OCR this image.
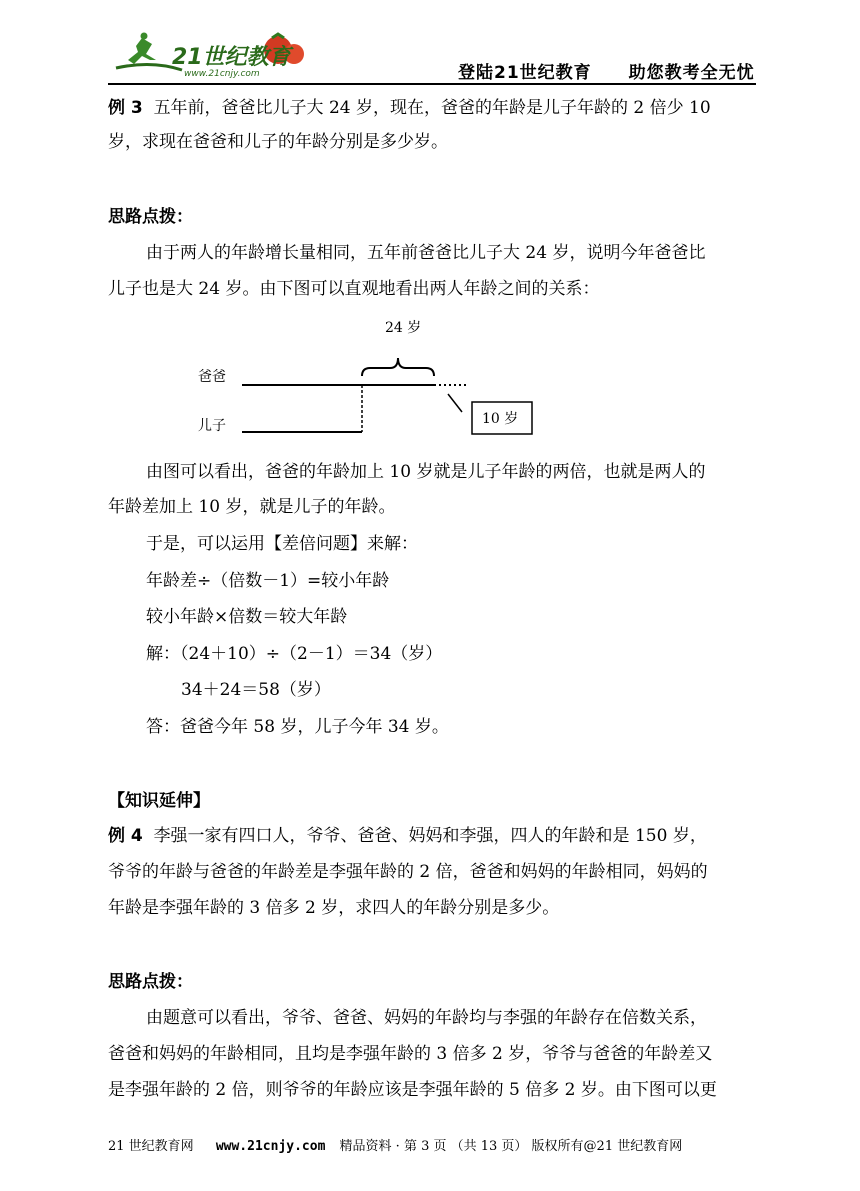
21世纪教育
www.21cnjy.com	登陆21世纪教育 助您教考全无忧
例 3 五年前，爸爸比儿子大 24 岁，现在，爸爸的年龄是儿子年龄的 2 倍少 10
岁，求现在爸爸和儿子的年龄分别是多少岁。
思路点拨：
由于两人的年龄增长量相同，五年前爸爸比儿子大 24 岁，说明今年爸爸比
儿子也是大 24 岁。由下图可以直观地看出两人年龄之间的关系：
24 岁
爸爸
儿子	10 岁
由图可以看出，爸爸的年龄加上 10 岁就是儿子年龄的两倍，也就是两人的
年龄差加上 10 岁，就是儿子的年龄。
于是，可以运用【差倍问题】来解：
年龄差÷（倍数－1）=较小年龄
较小年龄×倍数＝较大年龄
解：（24＋10）÷（2－1）＝34（岁）
34＋24＝58（岁）
答：爸爸今年 58 岁，儿子今年 34 岁。
【知识延伸】
例 4 李强一家有四口人，爷爷、爸爸、妈妈和李强，四人的年龄和是 150 岁，
爷爷的年龄与爸爸的年龄差是李强年龄的 2 倍，爸爸和妈妈的年龄相同，妈妈的
年龄是李强年龄的 3 倍多 2 岁，求四人的年龄分别是多少。
思路点拨：
由题意可以看出，爷爷、爸爸、妈妈的年龄均与李强的年龄存在倍数关系，
爸爸和妈妈的年龄相同，且均是李强年龄的 3 倍多 2 岁，爷爷与爸爸的年龄差又
是李强年龄的 2 倍，则爷爷的年龄应该是李强年龄的 5 倍多 2 岁。由下图可以更
21 世纪教育网 www.21cnjy.com 精品资料 · 第 3 页 （共 13 页） 版权所有@21 世纪教育网
